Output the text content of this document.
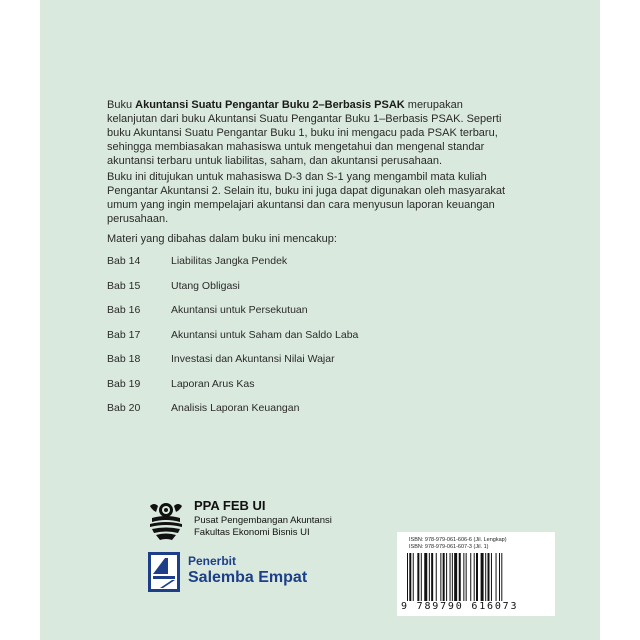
Buku Akuntansi Suatu Pengantar Buku 2–Berbasis PSAK merupakan kelanjutan dari buku Akuntansi Suatu Pengantar Buku 1–Berbasis PSAK. Seperti buku Akuntansi Suatu Pengantar Buku 1, buku ini mengacu pada PSAK terbaru, sehingga membiasakan mahasiswa untuk mengetahui dan mengenal standar akuntansi terbaru untuk liabilitas, saham, dan akuntansi perusahaan.

Buku ini ditujukan untuk mahasiswa D-3 dan S-1 yang mengambil mata kuliah Pengantar Akuntansi 2. Selain itu, buku ini juga dapat digunakan oleh masyarakat umum yang ingin mempelajari akuntansi dan cara menyusun laporan keuangan perusahaan.
Materi yang dibahas dalam buku ini mencakup:
Bab 14	Liabilitas Jangka Pendek
Bab 15	Utang Obligasi
Bab 16	Akuntansi untuk Persekutuan
Bab 17	Akuntansi untuk Saham dan Saldo Laba
Bab 18	Investasi dan Akuntansi Nilai Wajar
Bab 19	Laporan Arus Kas
Bab 20	Analisis Laporan Keuangan
PPA FEB UI
Pusat Pengembangan Akuntansi
Fakultas Ekonomi Bisnis UI
Penerbit
Salemba Empat
ISBN: 978-979-061-606-6 (Jil. Lengkap)
ISBN: 978-979-061-607-3 (Jil. 1)
9 789790 616073
